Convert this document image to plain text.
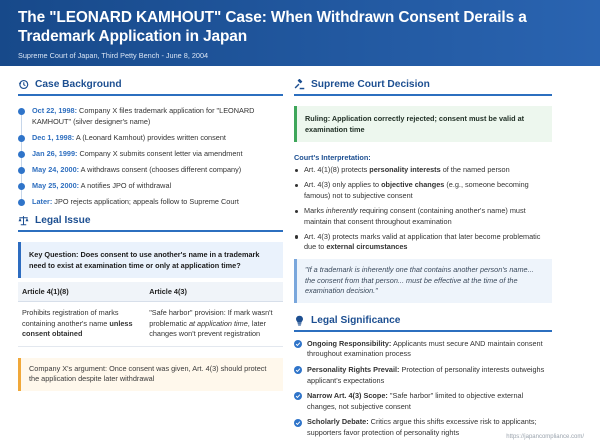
The "LEONARD KAMHOUT" Case: When Withdrawn Consent Derails a Trademark Application in Japan
Supreme Court of Japan, Third Petty Bench - June 8, 2004
Case Background
Oct 22, 1998: Company X files trademark application for "LEONARD KAMHOUT" (silver designer's name)
Dec 1, 1998: A (Leonard Kamhout) provides written consent
Jan 26, 1999: Company X submits consent letter via amendment
May 24, 2000: A withdraws consent (chooses different company)
May 25, 2000: A notifies JPO of withdrawal
Later: JPO rejects application; appeals follow to Supreme Court
Legal Issue
Key Question: Does consent to use another's name in a trademark need to exist at examination time or only at application time?
Article 4(1)(8)	Article 4(3)
Prohibits registration of marks containing another's name unless consent obtained	"Safe harbor" provision: If mark wasn't problematic at application time, later changes won't prevent registration
Company X's argument: Once consent was given, Art. 4(3) should protect the application despite later withdrawal
Supreme Court Decision
Ruling: Application correctly rejected; consent must be valid at examination time
Court's Interpretation:
Art. 4(1)(8) protects personality interests of the named person
Art. 4(3) only applies to objective changes (e.g., someone becoming famous) not to subjective consent
Marks inherently requiring consent (containing another's name) must maintain that consent throughout examination
Art. 4(3) protects marks valid at application that later become problematic due to external circumstances
"If a trademark is inherently one that contains another person's name... the consent from that person... must be effective at the time of the examination decision."
Legal Significance
Ongoing Responsibility: Applicants must secure AND maintain consent throughout examination process
Personality Rights Prevail: Protection of personality interests outweighs applicant's expectations
Narrow Art. 4(3) Scope: "Safe harbor" limited to objective external changes, not subjective consent
Scholarly Debate: Critics argue this shifts excessive risk to applicants; supporters favor protection of personality rights
https://japancompliance.com/
